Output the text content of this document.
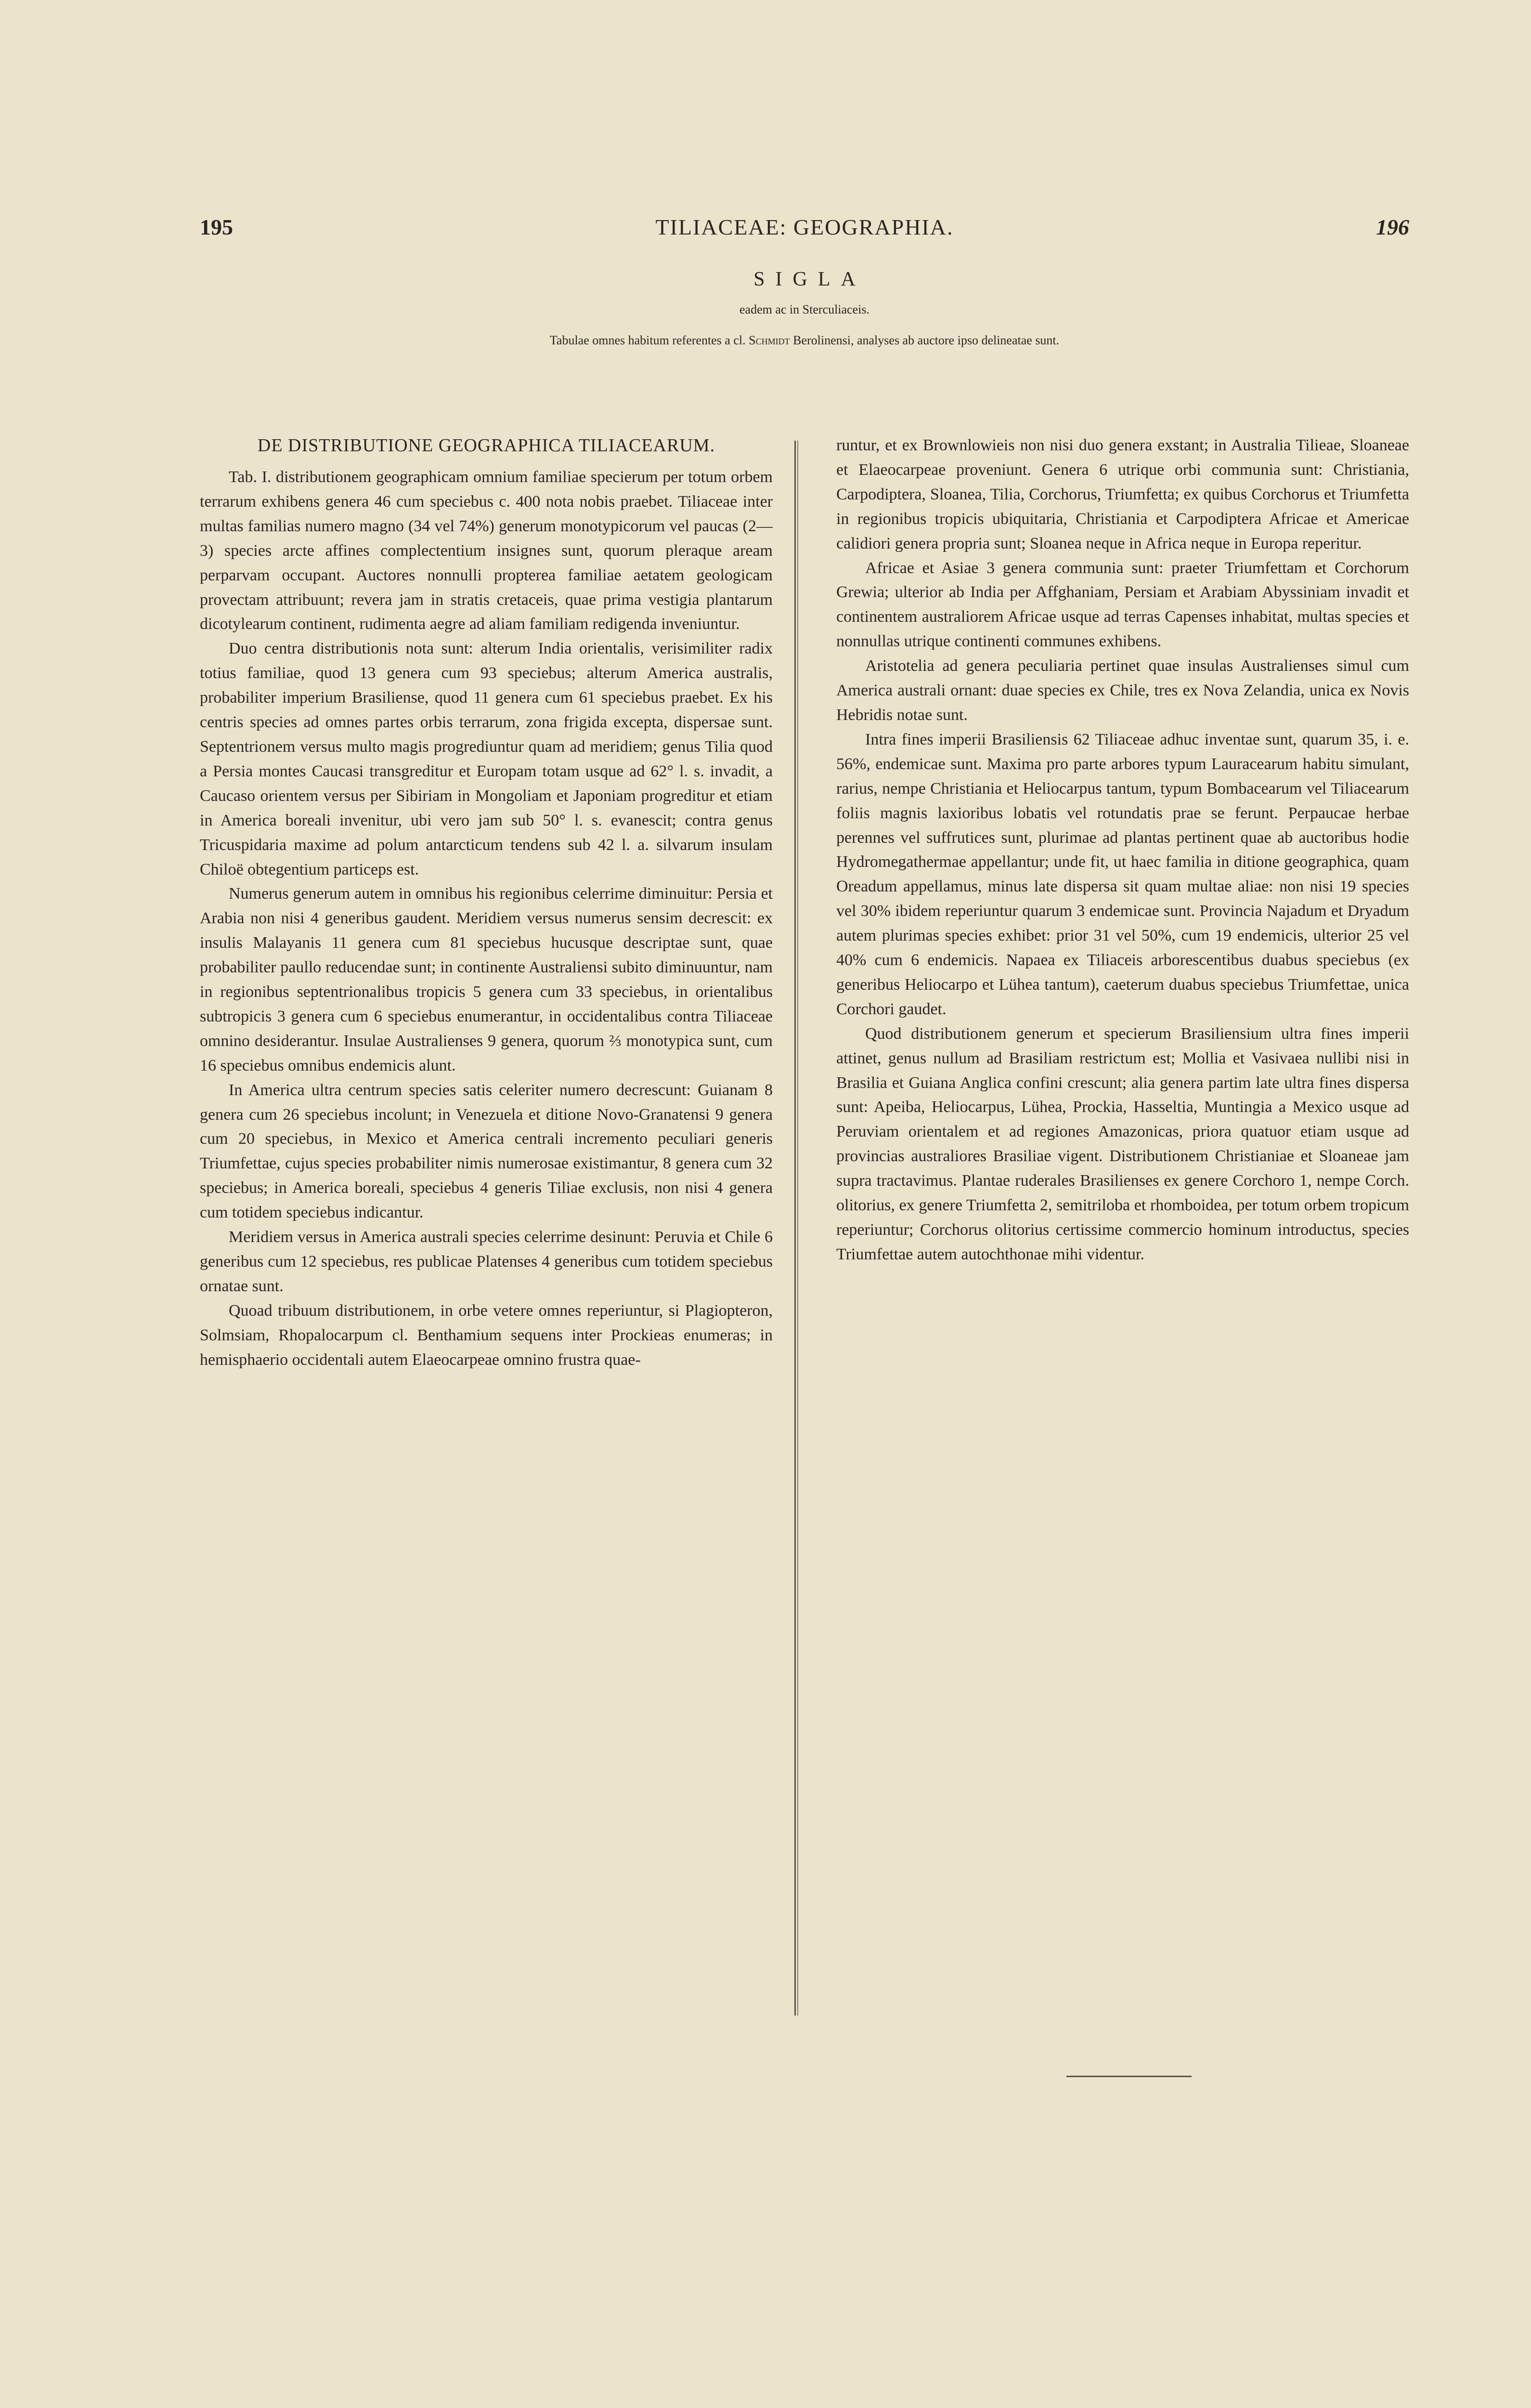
195	TILIACEAE: GEOGRAPHIA.	196
SIGLA
eadem ac in Sterculiaceis.

Tabulae omnes habitum referentes a cl. Schmidt Berolinensi, analyses ab auctore ipso delineatae sunt.

DE DISTRIBUTIONE GEOGRAPHICA TILIACEARUM.

Tab. I. distributionem geographicam omnium familiae specierum per totum orbem terrarum exhibens genera 46 cum speciebus c. 400 nota nobis praebet. Tiliaceae inter multas familias numero magno (34 vel 74%) generum monotypicorum vel paucas (2—3) species arcte affines complectentium insignes sunt, quorum pleraque aream perparvam occupant. Auctores nonnulli propterea familiae aetatem geologicam provectam attribuunt; revera jam in stratis cretaceis, quae prima vestigia plantarum dicotylearum continent, rudimenta aegre ad aliam familiam redigenda inveniuntur.

Duo centra distributionis nota sunt: alterum India orientalis, verisimiliter radix totius familiae, quod 13 genera cum 93 speciebus; alterum America australis, probabiliter imperium Brasiliense, quod 11 genera cum 61 speciebus praebet. Ex his centris species ad omnes partes orbis terrarum, zona frigida excepta, dispersae sunt. Septentrionem versus multo magis progrediuntur quam ad meridiem; genus Tilia quod a Persia montes Caucasi transgreditur et Europam totam usque ad 62° l. s. invadit, a Caucaso orientem versus per Sibiriam in Mongoliam et Japoniam progreditur et etiam in America boreali invenitur, ubi vero jam sub 50° l. s. evanescit; contra genus Tricuspidaria maxime ad polum antarcticum tendens sub 42 l. a. silvarum insulam Chiloë obtegentium particeps est.

Numerus generum autem in omnibus his regionibus celerrime diminuitur: Persia et Arabia non nisi 4 generibus gaudent. Meridiem versus numerus sensim decrescit: ex insulis Malayanis 11 genera cum 81 speciebus hucusque descriptae sunt, quae probabiliter paullo reducendae sunt; in continente Australiensi subito diminuuntur, nam in regionibus septentrionalibus tropicis 5 genera cum 33 speciebus, in orientalibus subtropicis 3 genera cum 6 speciebus enumerantur, in occidentalibus contra Tiliaceae omnino desiderantur. Insulae Australienses 9 genera, quorum ⅔ monotypica sunt, cum 16 speciebus omnibus endemicis alunt.

In America ultra centrum species satis celeriter numero decrescunt: Guianam 8 genera cum 26 speciebus incolunt; in Venezuela et ditione Novo-Granatensi 9 genera cum 20 speciebus, in Mexico et America centrali incremento peculiari generis Triumfettae, cujus species probabiliter nimis numerosae existimantur, 8 genera cum 32 speciebus; in America boreali, speciebus 4 generis Tiliae exclusis, non nisi 4 genera cum totidem speciebus indicantur.

Meridiem versus in America australi species celerrime desinunt: Peruvia et Chile 6 generibus cum 12 speciebus, res publicae Platenses 4 generibus cum totidem speciebus ornatae sunt.

Quoad tribuum distributionem, in orbe vetere omnes reperiuntur, si Plagiopteron, Solmsiam, Rhopalocarpum cl. Benthamium sequens inter Prockieas enumeras; in hemisphaerio occidentali autem Elaeocarpeae omnino frustra quae-

runtur, et ex Brownlowieis non nisi duo genera exstant; in Australia Tilieae, Sloaneae et Elaeocarpeae proveniunt. Genera 6 utrique orbi communia sunt: Christiania, Carpodiptera, Sloanea, Tilia, Corchorus, Triumfetta; ex quibus Corchorus et Triumfetta in regionibus tropicis ubiquitaria, Christiania et Carpodiptera Africae et Americae calidiori genera propria sunt; Sloanea neque in Africa neque in Europa reperitur.

Africae et Asiae 3 genera communia sunt: praeter Triumfettam et Corchorum Grewia; ulterior ab India per Affghaniam, Persiam et Arabiam Abyssiniam invadit et continentem australiorem Africae usque ad terras Capenses inhabitat, multas species et nonnullas utrique continenti communes exhibens.

Aristotelia ad genera peculiaria pertinet quae insulas Australienses simul cum America australi ornant: duae species ex Chile, tres ex Nova Zelandia, unica ex Novis Hebridis notae sunt.

Intra fines imperii Brasiliensis 62 Tiliaceae adhuc inventae sunt, quarum 35, i. e. 56%, endemicae sunt. Maxima pro parte arbores typum Lauracearum habitu simulant, rarius, nempe Christiania et Heliocarpus tantum, typum Bombacearum vel Tiliacearum foliis magnis laxioribus lobatis vel rotundatis prae se ferunt. Perpaucae herbae perennes vel suffrutices sunt, plurimae ad plantas pertinent quae ab auctoribus hodie Hydromegathermae appellantur; unde fit, ut haec familia in ditione geographica, quam Oreadum appellamus, minus late dispersa sit quam multae aliae: non nisi 19 species vel 30% ibidem reperiuntur quarum 3 endemicae sunt. Provincia Najadum et Dryadum autem plurimas species exhibet: prior 31 vel 50%, cum 19 endemicis, ulterior 25 vel 40% cum 6 endemicis. Napaea ex Tiliaceis arborescentibus duabus speciebus (ex generibus Heliocarpo et Lühea tantum), caeterum duabus speciebus Triumfettae, unica Corchori gaudet.

Quod distributionem generum et specierum Brasiliensium ultra fines imperii attinet, genus nullum ad Brasiliam restrictum est; Mollia et Vasivaea nullibi nisi in Brasilia et Guiana Anglica confini crescunt; alia genera partim late ultra fines dispersa sunt: Apeiba, Heliocarpus, Lühea, Prockia, Hasseltia, Muntingia a Mexico usque ad Peruviam orientalem et ad regiones Amazonicas, priora quatuor etiam usque ad provincias australiores Brasiliae vigent. Distributionem Christianiae et Sloaneae jam supra tractavimus. Plantae ruderales Brasilienses ex genere Corchoro 1, nempe Corch. olitorius, ex genere Triumfetta 2, semitriloba et rhomboidea, per totum orbem tropicum reperiuntur; Corchorus olitorius certissime commercio hominum introductus, species Triumfettae autem autochthonae mihi videntur.
